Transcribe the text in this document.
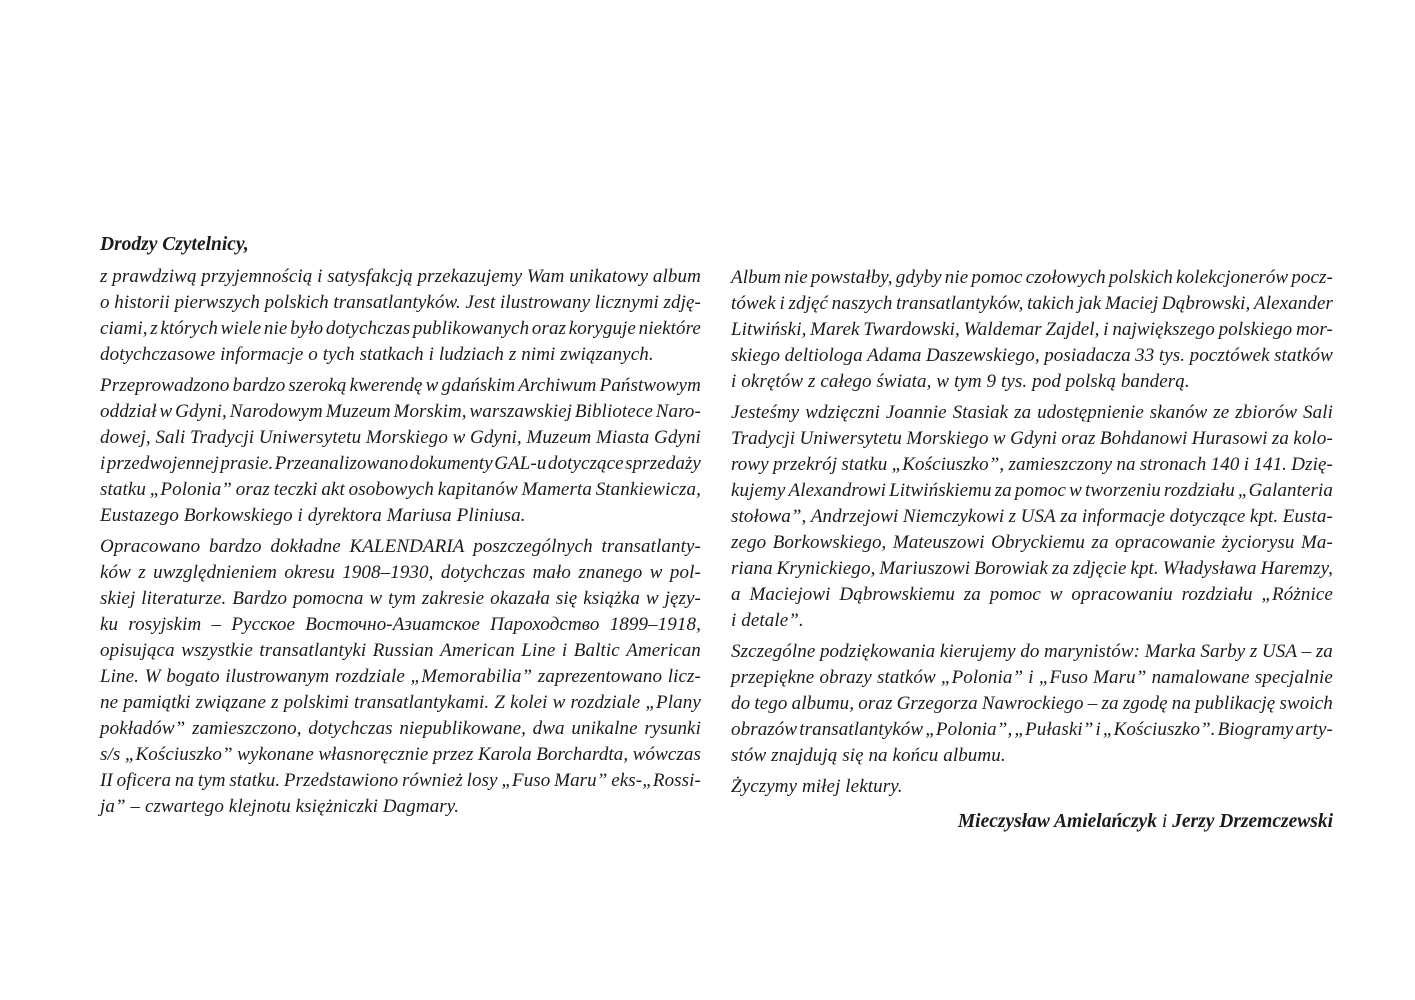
Drodzy Czytelnicy,
z prawdziwą przyjemnością i satysfakcją przekazujemy Wam unikatowy album
o historii pierwszych polskich transatlantyków. Jest ilustrowany licznymi zdję-
ciami, z których wiele nie było dotychczas publikowanych oraz koryguje niektóre
dotychczasowe informacje o tych statkach i ludziach z nimi związanych.
Przeprowadzono bardzo szeroką kwerendę w gdańskim Archiwum Państwowym
oddział w Gdyni, Narodowym Muzeum Morskim, warszawskiej Bibliotece Naro-
dowej, Sali Tradycji Uniwersytetu Morskiego w Gdyni, Muzeum Miasta Gdyni
i przedwojennej prasie. Przeanalizowano dokumenty GAL-u dotyczące sprzedaży
statku „Polonia” oraz teczki akt osobowych kapitanów Mamerta Stankiewicza,
Eustazego Borkowskiego i dyrektora Mariusa Pliniusa.
Opracowano bardzo dokładne KALENDARIA poszczególnych transatlanty-
ków z uwzględnieniem okresu 1908–1930, dotychczas mało znanego w pol-
skiej literaturze. Bardzo pomocna w tym zakresie okazała się książka w języ-
ku rosyjskim – Русское Восточно-Азиатское Пароходство 1899–1918,
opisująca wszystkie transatlantyki Russian American Line i Baltic American
Line. W bogato ilustrowanym rozdziale „Memorabilia” zaprezentowano licz-
ne pamiątki związane z polskimi transatlantykami. Z kolei w rozdziale „Plany
pokładów” zamieszczono, dotychczas niepublikowane, dwa unikalne rysunki
s/s „Kościuszko” wykonane własnoręcznie przez Karola Borchardta, wówczas
II oficera na tym statku. Przedstawiono również losy „Fuso Maru” eks-„Rossi-
ja” – czwartego klejnotu księżniczki Dagmary.
Album nie powstałby, gdyby nie pomoc czołowych polskich kolekcjonerów pocz-
tówek i zdjęć naszych transatlantyków, takich jak Maciej Dąbrowski, Alexander
Litwiński, Marek Twardowski, Waldemar Zajdel, i największego polskiego mor-
skiego deltiologa Adama Daszewskiego, posiadacza 33 tys. pocztówek statków
i okrętów z całego świata, w tym 9 tys. pod polską banderą.
Jesteśmy wdzięczni Joannie Stasiak za udostępnienie skanów ze zbiorów Sali
Tradycji Uniwersytetu Morskiego w Gdyni oraz Bohdanowi Hurasowi za kolo-
rowy przekrój statku „Kościuszko”, zamieszczony na stronach 140 i 141. Dzię-
kujemy Alexandrowi Litwińskiemu za pomoc w tworzeniu rozdziału „Galanteria
stołowa”, Andrzejowi Niemczykowi z USA za informacje dotyczące kpt. Eusta-
zego Borkowskiego, Mateuszowi Obryckiemu za opracowanie życiorysu Ma-
riana Krynickiego, Mariuszowi Borowiak za zdjęcie kpt. Władysława Haremzy,
a Maciejowi Dąbrowskiemu za pomoc w opracowaniu rozdziału „Różnice
i detale”.
Szczególne podziękowania kierujemy do marynistów: Marka Sarby z USA – za
przepiękne obrazy statków „Polonia” i „Fuso Maru” namalowane specjalnie
do tego albumu, oraz Grzegorza Nawrockiego – za zgodę na publikację swoich
obrazów transatlantyków „Polonia”, „Pułaski” i „Kościuszko”. Biogramy arty-
stów znajdują się na końcu albumu.
Życzymy miłej lektury.
Mieczysław Amielańczyk i Jerzy Drzemczewski
